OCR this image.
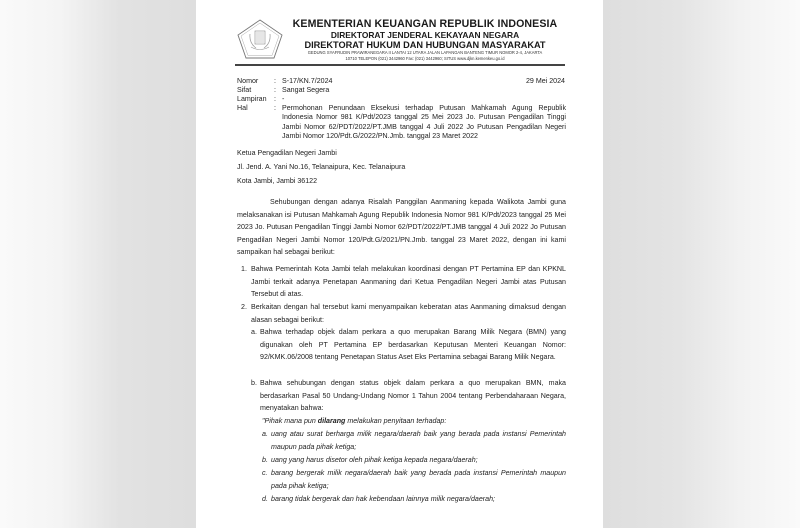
KEMENTERIAN KEUANGAN REPUBLIK INDONESIA
DIREKTORAT JENDERAL KEKAYAAN NEGARA
DIREKTORAT HUKUM DAN HUBUNGAN MASYARAKAT
GEDUNG SYAFRUDIN PRAWIRANEGARA II LANTAI 12 UTARA JALAN LAPANGAN BANTENG TIMUR NOMOR 2-4, JAKARTA
10710 TELEPON (021) 3442960 Fax: (021) 3442960; SITUS www.djkn.kemenkeu.go.id
29 Mei 2024
Nomor : S-17/KN.7/2024
Sifat	: Sangat Segera
Lampiran : -
Hal	: Permohonan Penundaan Eksekusi terhadap Putusan Mahkamah Agung Republik Indonesia Nomor 981 K/Pdt/2023 tanggal 25 Mei 2023 Jo. Putusan Pengadilan Tinggi Jambi Nomor 62/PDT/2022/PT.JMB tanggal 4 Juli 2022 Jo Putusan Pengadilan Negeri Jambi Nomor 120/Pdt.G/2022/PN.Jmb. tanggal 23 Maret 2022
Ketua Pengadilan Negeri Jambi
Jl. Jend. A. Yani No.16, Telanaipura, Kec. Telanaipura
Kota Jambi, Jambi 36122
Sehubungan dengan adanya Risalah Panggilan Aanmaning kepada Walikota Jambi guna melaksanakan isi Putusan Mahkamah Agung Republik Indonesia Nomor 981 K/Pdt/2023 tanggal 25 Mei 2023 Jo. Putusan Pengadilan Tinggi Jambi Nomor 62/PDT/2022/PT.JMB tanggal 4 Juli 2022 Jo Putusan Pengadilan Negeri Jambi Nomor 120/Pdt.G/2021/PN.Jmb. tanggal 23 Maret 2022, dengan ini kami sampaikan hal sebagai berikut:
1. Bahwa Pemerintah Kota Jambi telah melakukan koordinasi dengan PT Pertamina EP dan KPKNL Jambi terkait adanya Penetapan Aanmaning dari Ketua Pengadilan Negeri Jambi atas Putusan Tersebut di atas.
2. Berkaitan dengan hal tersebut kami menyampaikan keberatan atas Aanmaning dimaksud dengan alasan sebagai berikut:
a. Bahwa terhadap objek dalam perkara a quo merupakan Barang Milik Negara (BMN) yang digunakan oleh PT Pertamina EP berdasarkan Keputusan Menteri Keuangan Nomor: 92/KMK.06/2008 tentang Penetapan Status Aset Eks Pertamina sebagai Barang Milik Negara.
b. Bahwa sehubungan dengan status objek dalam perkara a quo merupakan BMN, maka berdasarkan Pasal 50 Undang-Undang Nomor 1 Tahun 2004 tentang Perbendaharaan Negara, menyatakan bahwa:
"Pihak mana pun dilarang melakukan penyitaan terhadap:
a. uang atau surat berharga milik negara/daerah baik yang berada pada instansi Pemerintah maupun pada pihak ketiga;
b. uang yang harus disetor oleh pihak ketiga kepada negara/daerah;
c. barang bergerak milik negara/daerah baik yang berada pada instansi Pemerintah maupun pada pihak ketiga;
d. barang tidak bergerak dan hak kebendaan lainnya milik negara/daerah;
